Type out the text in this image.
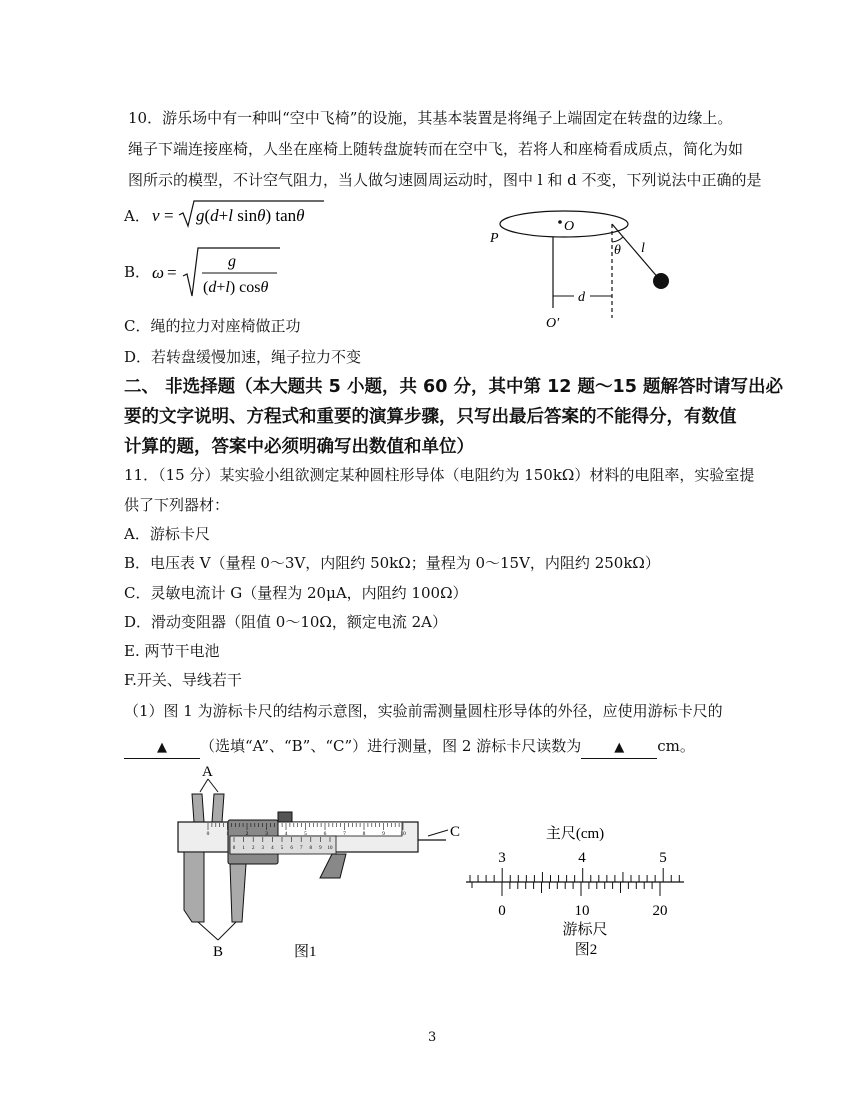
10．游乐场中有一种叫“空中飞椅”的设施，其基本装置是将绳子上端固定在转盘的边缘上。
绳子下端连接座椅，人坐在座椅上随转盘旋转而在空中飞，若将人和座椅看成质点，简化为如
图所示的模型，不计空气阻力，当人做匀速圆周运动时，图中 l 和 d 不变，下列说法中正确的是
A． v = g(d+l sinθ) tanθ
B． ω =
g
(d+l) cosθ
C．绳的拉力对座椅做正功
D．若转盘缓慢加速，绳子拉力不变
O
P
θ l
d
O′
二、 非选择题（本大题共 5 小题，共 60 分，其中第 12 题～15 题解答时请写出必
要的文字说明、方程式和重要的演算步骤，只写出最后答案的不能得分，有数值
计算的题，答案中必须明确写出数值和单位）
11．（15 分）某实验小组欲测定某种圆柱形导体（电阻约为 150kΩ）材料的电阻率，实验室提
供了下列器材：
A．游标卡尺
B．电压表 V（量程 0～3V，内阻约 50kΩ；量程为 0～15V，内阻约 250kΩ）
C．灵敏电流计 G（量程为 20μA，内阻约 100Ω）
D．滑动变阻器（阻值 0～10Ω，额定电流 2A）
E. 两节干电池
F.开关、导线若干
（1）图 1 为游标卡尺的结构示意图，实验前需测量圆柱形导体的外径，应使用游标卡尺的
▲ （选填“A”、“B”、“C”）进行测量，图 2 游标卡尺读数为	▲ cm。
A
0	1	2	3	4	5	6	7	8	9	10
0 1 2 3 4 5 6 7 8 9 10
C
B	图1
主尺(cm)
3	4	5
0	10	20
游标尺
图2
3
